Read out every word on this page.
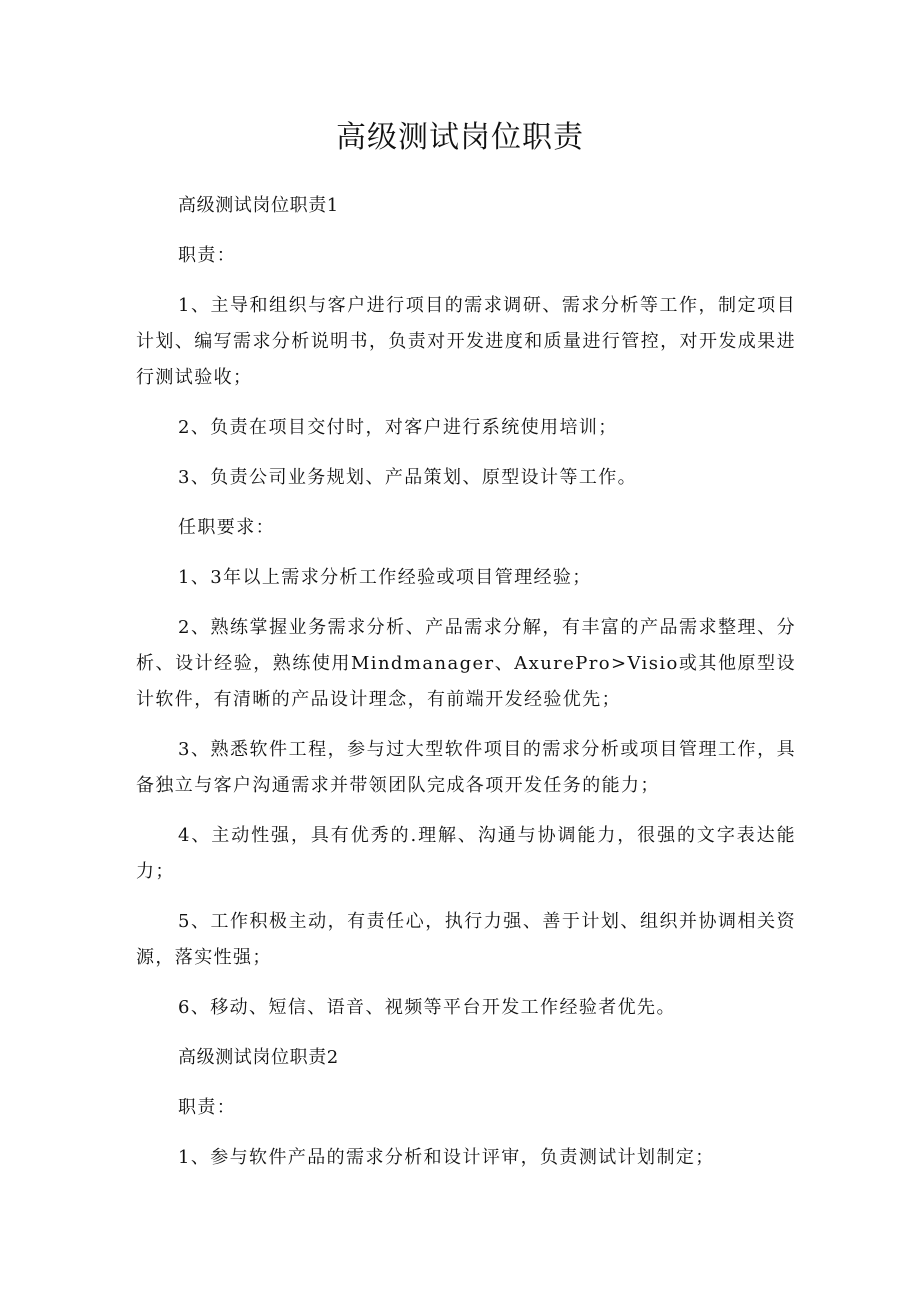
高级测试岗位职责

高级测试岗位职责1

职责：

1、主导和组织与客户进行项目的需求调研、需求分析等工作，制定项目计划、编写需求分析说明书，负责对开发进度和质量进行管控，对开发成果进行测试验收；

2、负责在项目交付时，对客户进行系统使用培训；

3、负责公司业务规划、产品策划、原型设计等工作。

任职要求：

1、3年以上需求分析工作经验或项目管理经验；

2、熟练掌握业务需求分析、产品需求分解，有丰富的产品需求整理、分析、设计经验，熟练使用Mindmanager、AxurePro>Visio或其他原型设计软件，有清晰的产品设计理念，有前端开发经验优先；

3、熟悉软件工程，参与过大型软件项目的需求分析或项目管理工作，具备独立与客户沟通需求并带领团队完成各项开发任务的能力；

4、主动性强，具有优秀的.理解、沟通与协调能力，很强的文字表达能力；

5、工作积极主动，有责任心，执行力强、善于计划、组织并协调相关资源，落实性强；

6、移动、短信、语音、视频等平台开发工作经验者优先。

高级测试岗位职责2

职责：

1、参与软件产品的需求分析和设计评审，负责测试计划制定；
